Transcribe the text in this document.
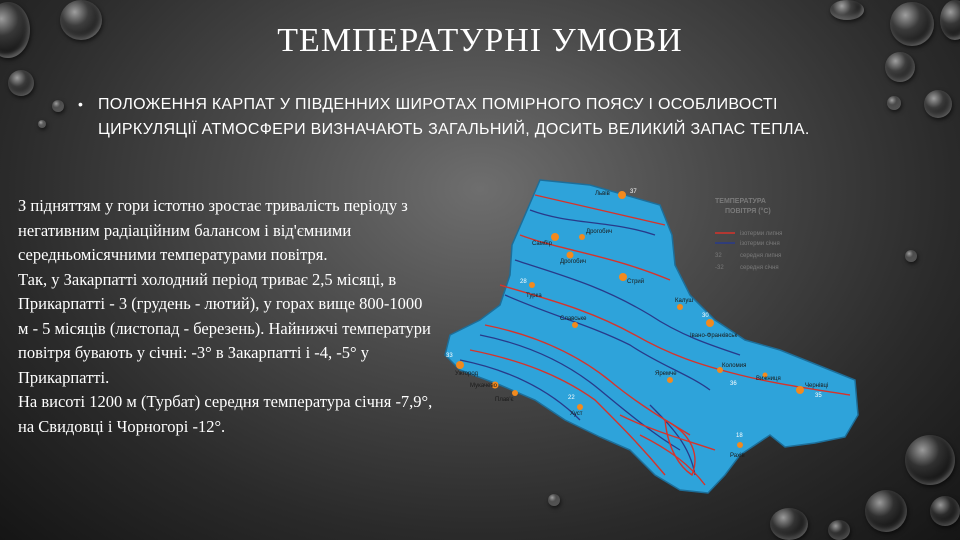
ТЕМПЕРАТУРНІ УМОВИ
• ПОЛОЖЕННЯ КАРПАТ У ПІВДЕННИХ ШИРОТАХ ПОМІРНОГО ПОЯСУ І ОСОБЛИВОСТІ ЦИРКУЛЯЦІЇ АТМОСФЕРИ ВИЗНАЧАЮТЬ ЗАГАЛЬНИЙ, ДОСИТЬ ВЕЛИКИЙ ЗАПАС ТЕПЛА.

З підняттям у гори істотно зростає тривалість періоду з негативним радіаційним балансом і від'ємними середньомісячними температурами повітря.

Так, у Закарпатті холодний період триває 2,5 місяці, в Прикарпатті - 3 (грудень - лютий), у горах вище 800-1000 м - 5 місяців (листопад - березень). Найнижчі температури повітря бувають у січні: -3° в Закарпатті і -4, -5° у Прикарпатті.

На висоті 1200 м (Турбат) середня температура січня -7,9°, на Свидовці і Чорногорі -12°.

Львів	37
Самбір
Дрогобич
Дрогобич
Стрий
Турка
28
Калуш
Івано-Франківськ
30
Славське
Ужгород
33
Мукачево
Плав'є
Коломия
36	Чернівці
35
Яремче
Вижниця
Хуст
22
Рахів
18
ТЕМПЕРАТУРА
ПОВІТРЯ (°С)
ізотерми липня
ізотерми січня
32	середня липня
-32	середня січня
